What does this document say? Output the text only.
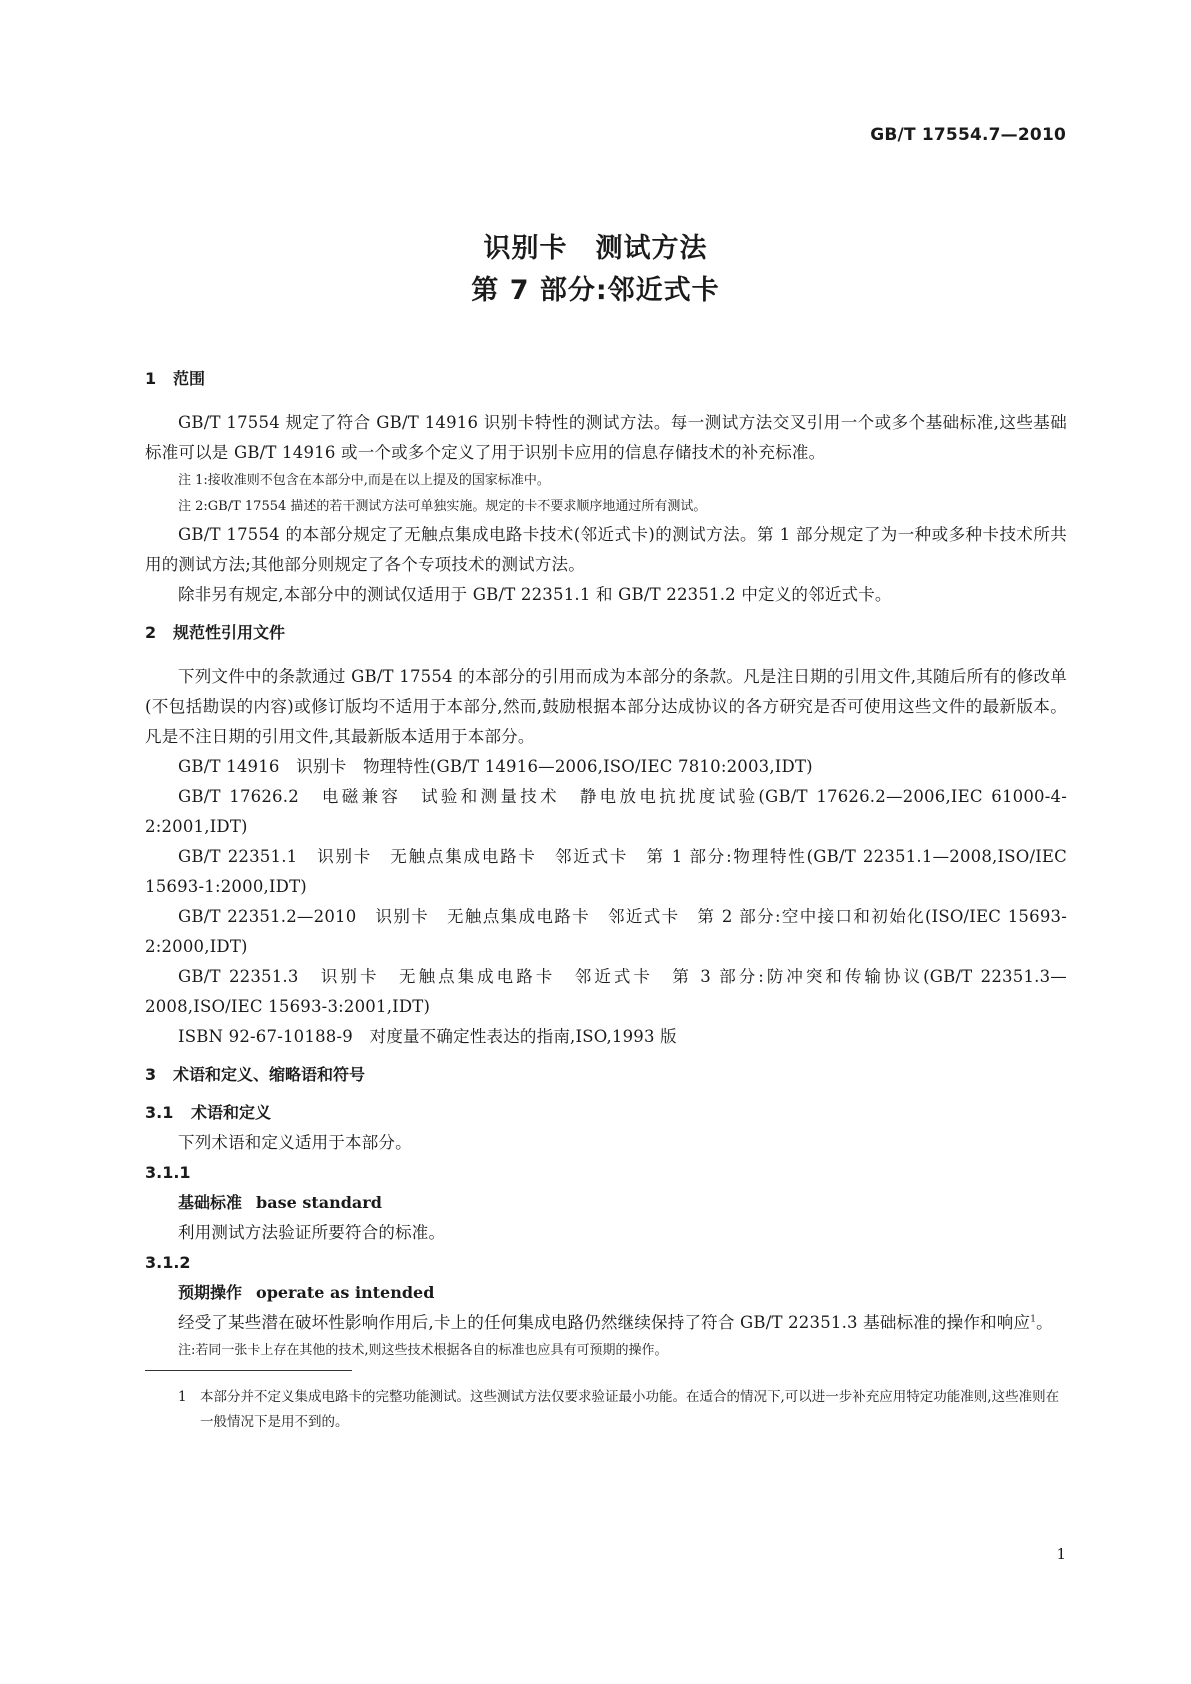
GB/T 17554.7—2010
识别卡　测试方法
第 7 部分:邻近式卡
1 范围

GB/T 17554 规定了符合 GB/T 14916 识别卡特性的测试方法。每一测试方法交叉引用一个或多个基础标准,这些基础标准可以是 GB/T 14916 或一个或多个定义了用于识别卡应用的信息存储技术的补充标准。

注 1:接收准则不包含在本部分中,而是在以上提及的国家标准中。

注 2:GB/T 17554 描述的若干测试方法可单独实施。规定的卡不要求顺序地通过所有测试。

GB/T 17554 的本部分规定了无触点集成电路卡技术(邻近式卡)的测试方法。第 1 部分规定了为一种或多种卡技术所共用的测试方法;其他部分则规定了各个专项技术的测试方法。

除非另有规定,本部分中的测试仅适用于 GB/T 22351.1 和 GB/T 22351.2 中定义的邻近式卡。

2 规范性引用文件

下列文件中的条款通过 GB/T 17554 的本部分的引用而成为本部分的条款。凡是注日期的引用文件,其随后所有的修改单(不包括勘误的内容)或修订版均不适用于本部分,然而,鼓励根据本部分达成协议的各方研究是否可使用这些文件的最新版本。凡是不注日期的引用文件,其最新版本适用于本部分。

GB/T 14916　识别卡　物理特性(GB/T 14916—2006,ISO/IEC 7810:2003,IDT)

GB/T 17626.2　电磁兼容　试验和测量技术　静电放电抗扰度试验(GB/T 17626.2—2006,IEC 61000-4-2:2001,IDT)

GB/T 22351.1　识别卡　无触点集成电路卡　邻近式卡　第 1 部分:物理特性(GB/T 22351.1—2008,ISO/IEC 15693-1:2000,IDT)

GB/T 22351.2—2010　识别卡　无触点集成电路卡　邻近式卡　第 2 部分:空中接口和初始化(ISO/IEC 15693-2:2000,IDT)

GB/T 22351.3　识别卡　无触点集成电路卡　邻近式卡　第 3 部分:防冲突和传输协议(GB/T 22351.3—2008,ISO/IEC 15693-3:2001,IDT)

ISBN 92-67-10188-9　对度量不确定性表达的指南,ISO,1993 版

3 术语和定义、缩略语和符号
3.1 术语和定义

下列术语和定义适用于本部分。

3.1.1
基础标准 base standard

利用测试方法验证所要符合的标准。

3.1.2
预期操作 operate as intended

经受了某些潜在破坏性影响作用后,卡上的任何集成电路仍然继续保持了符合 GB/T 22351.3 基础标准的操作和响应$^1$。

注:若同一张卡上存在其他的技术,则这些技术根据各自的标准也应具有可预期的操作。

1 本部分并不定义集成电路卡的完整功能测试。这些测试方法仅要求验证最小功能。在适合的情况下,可以进一步补充应用特定功能准则,这些准则在一般情况下是用不到的。

1
